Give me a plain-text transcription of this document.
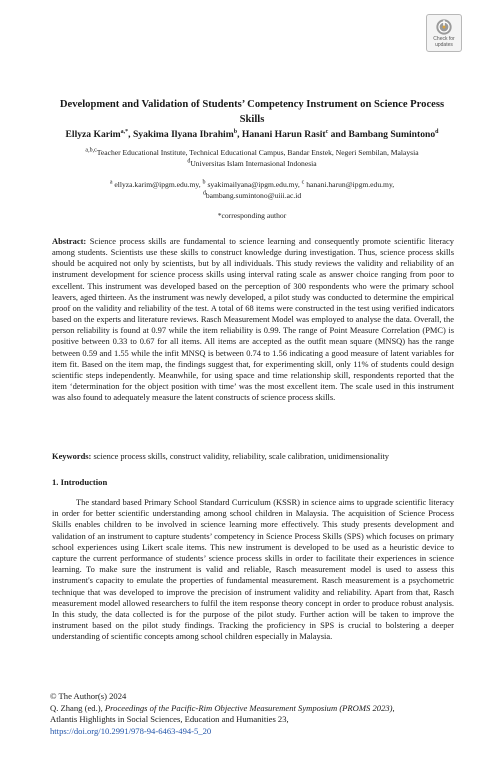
Check for
updates
Development and Validation of Students’ Competency Instrument on Science Process Skills
Ellyza Karim$^{a,*}$, Syakima Ilyana Ibrahim$^b$, Hanani Harun Rasit$^c$ and Bambang Sumintono$^d$
$^{a,b,c}$Teacher Educational Institute, Technical Educational Campus, Bandar Enstek, Negeri Sembilan, Malaysia
$^d$Universitas Islam Internasional Indonesia
$^a$ ellyza.karim@ipgm.edu.my, $^b$ syakimailyana@ipgm.edu.my, $^c$ hanani.harun@ipgm.edu.my,
$^d$bambang.sumintono@uiii.ac.id
*corresponding author
Abstract: Science process skills are fundamental to science learning and consequently promote scientific literacy among students. Scientists use these skills to construct knowledge during investigation. Thus, science process skills should be acquired not only by scientists, but by all individuals. This study reviews the validity and reliability of an instrument development for science process skills using interval rating scale as answer choice ranging from poor to excellent. This instrument was developed based on the perception of 300 respondents who were the primary school leavers, aged thirteen. As the instrument was newly developed, a pilot study was conducted to determine the empirical proof on the validity and reliability of the test. A total of 68 items were constructed in the test using verified indicators based on the experts and literature reviews. Rasch Measurement Model was employed to analyse the data. Overall, the person reliability is found at 0.97 while the item reliability is 0.99. The range of Point Measure Correlation (PMC) is positive between 0.33 to 0.67 for all items. All items are accepted as the outfit mean square (MNSQ) has the range between 0.59 and 1.55 while the infit MNSQ is between 0.74 to 1.56 indicating a good measure of latent variables for item fit. Based on the item map, the findings suggest that, for experimenting skill, only 11% of students could design scientific steps independently. Meanwhile, for using space and time relationship skill, respondents reported that the item ‘determination for the object position with time’ was the most excellent item. The scale used in this instrument was also found to adequately measure the latent constructs of science process skills.
Keywords: science process skills, construct validity, reliability, scale calibration, unidimensionality
1. Introduction
The standard based Primary School Standard Curriculum (KSSR) in science aims to upgrade scientific literacy in order for better scientific understanding among school children in Malaysia. The acquisition of Science Process Skills enables children to be involved in science learning more effectively. This study presents development and validation of an instrument to capture students’ competency in Science Process Skills (SPS) which focuses on primary school experiences using Likert scale items. This new instrument is developed to be used as a heuristic device to capture the current performance of students’ science process skills in order to facilitate their experiences in science learning. To make sure the instrument is valid and reliable, Rasch measurement model is used to assess this instrument's capacity to emulate the properties of fundamental measurement. Rasch measurement is a psychometric technique that was developed to improve the precision of instrument validity and reliability. Apart from that, Rasch measurement model allowed researchers to fulfil the item response theory concept in order to produce robust analysis. In this study, the data collected is for the purpose of the pilot study. Further action will be taken to improve the instrument based on the pilot study findings. Tracking the proficiency in SPS is crucial to bolstering a deeper understanding of scientific concepts among school children especially in Malaysia.
© The Author(s) 2024
Q. Zhang (ed.), Proceedings of the Pacific-Rim Objective Measurement Symposium (PROMS 2023),
Atlantis Highlights in Social Sciences, Education and Humanities 23,
https://doi.org/10.2991/978-94-6463-494-5_20
